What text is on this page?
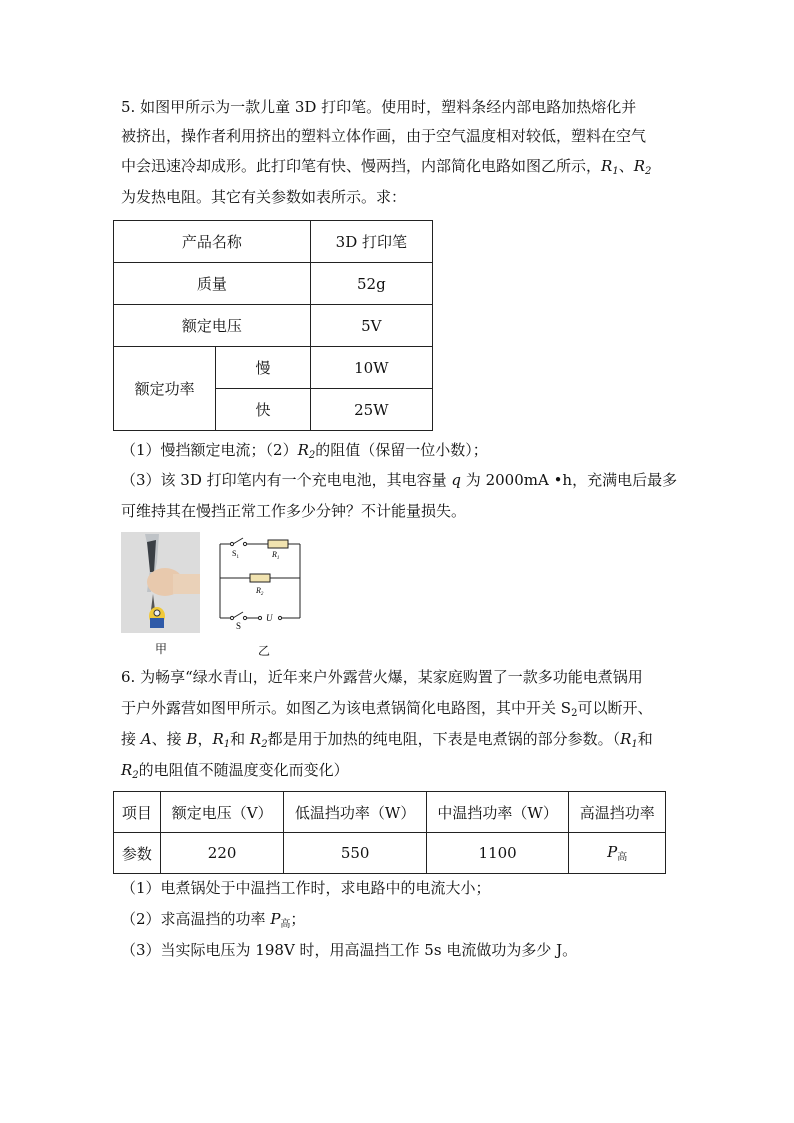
5. 如图甲所示为一款儿童 3D 打印笔。使用时，塑料条经内部电路加热熔化并
被挤出，操作者利用挤出的塑料立体作画，由于空气温度相对较低，塑料在空气
中会迅速冷却成形。此打印笔有快、慢两挡，内部简化电路如图乙所示，$R_1$、$R_2$
为发热电阻。其它有关参数如表所示。求：
产品名称		3D 打印笔
质量		52g
额定电压		5V
额定功率	慢	10W
	快	25W
（1）慢挡额定电流；$(2)R_2$的阻值（保留一位小数）；
（3）该 3D 打印笔内有一个充电电池，其电容量 q 为 2000mA •h，充满电后最多
可维持其在慢挡正常工作多少分钟？不计能量损失。
甲
$S_1$	$R_1$
$R_2$
S
U
乙
6. 为畅享“绿水青山，近年来户外露营火爆，某家庭购置了一款多功能电煮锅用
于户外露营如图甲所示。如图乙为该电煮锅简化电路图，其中开关 $S_2$可以断开、
接 A、接 B，$R_1$和 $R_2$都是用于加热的纯电阻，下表是电煮锅的部分参数。（$R_1$和
$R_2$的电阻值不随温度变化而变化）
项目	额定电压（V）	低温挡功率（W）	中温挡功率（W）	高温挡功率
参数	220	550	1100	$P_高$
（1）电煮锅处于中温挡工作时，求电路中的电流大小；
（2）求高温挡的功率 $P_高$；
（3）当实际电压为 198V 时，用高温挡工作 5s 电流做功为多少 J。
